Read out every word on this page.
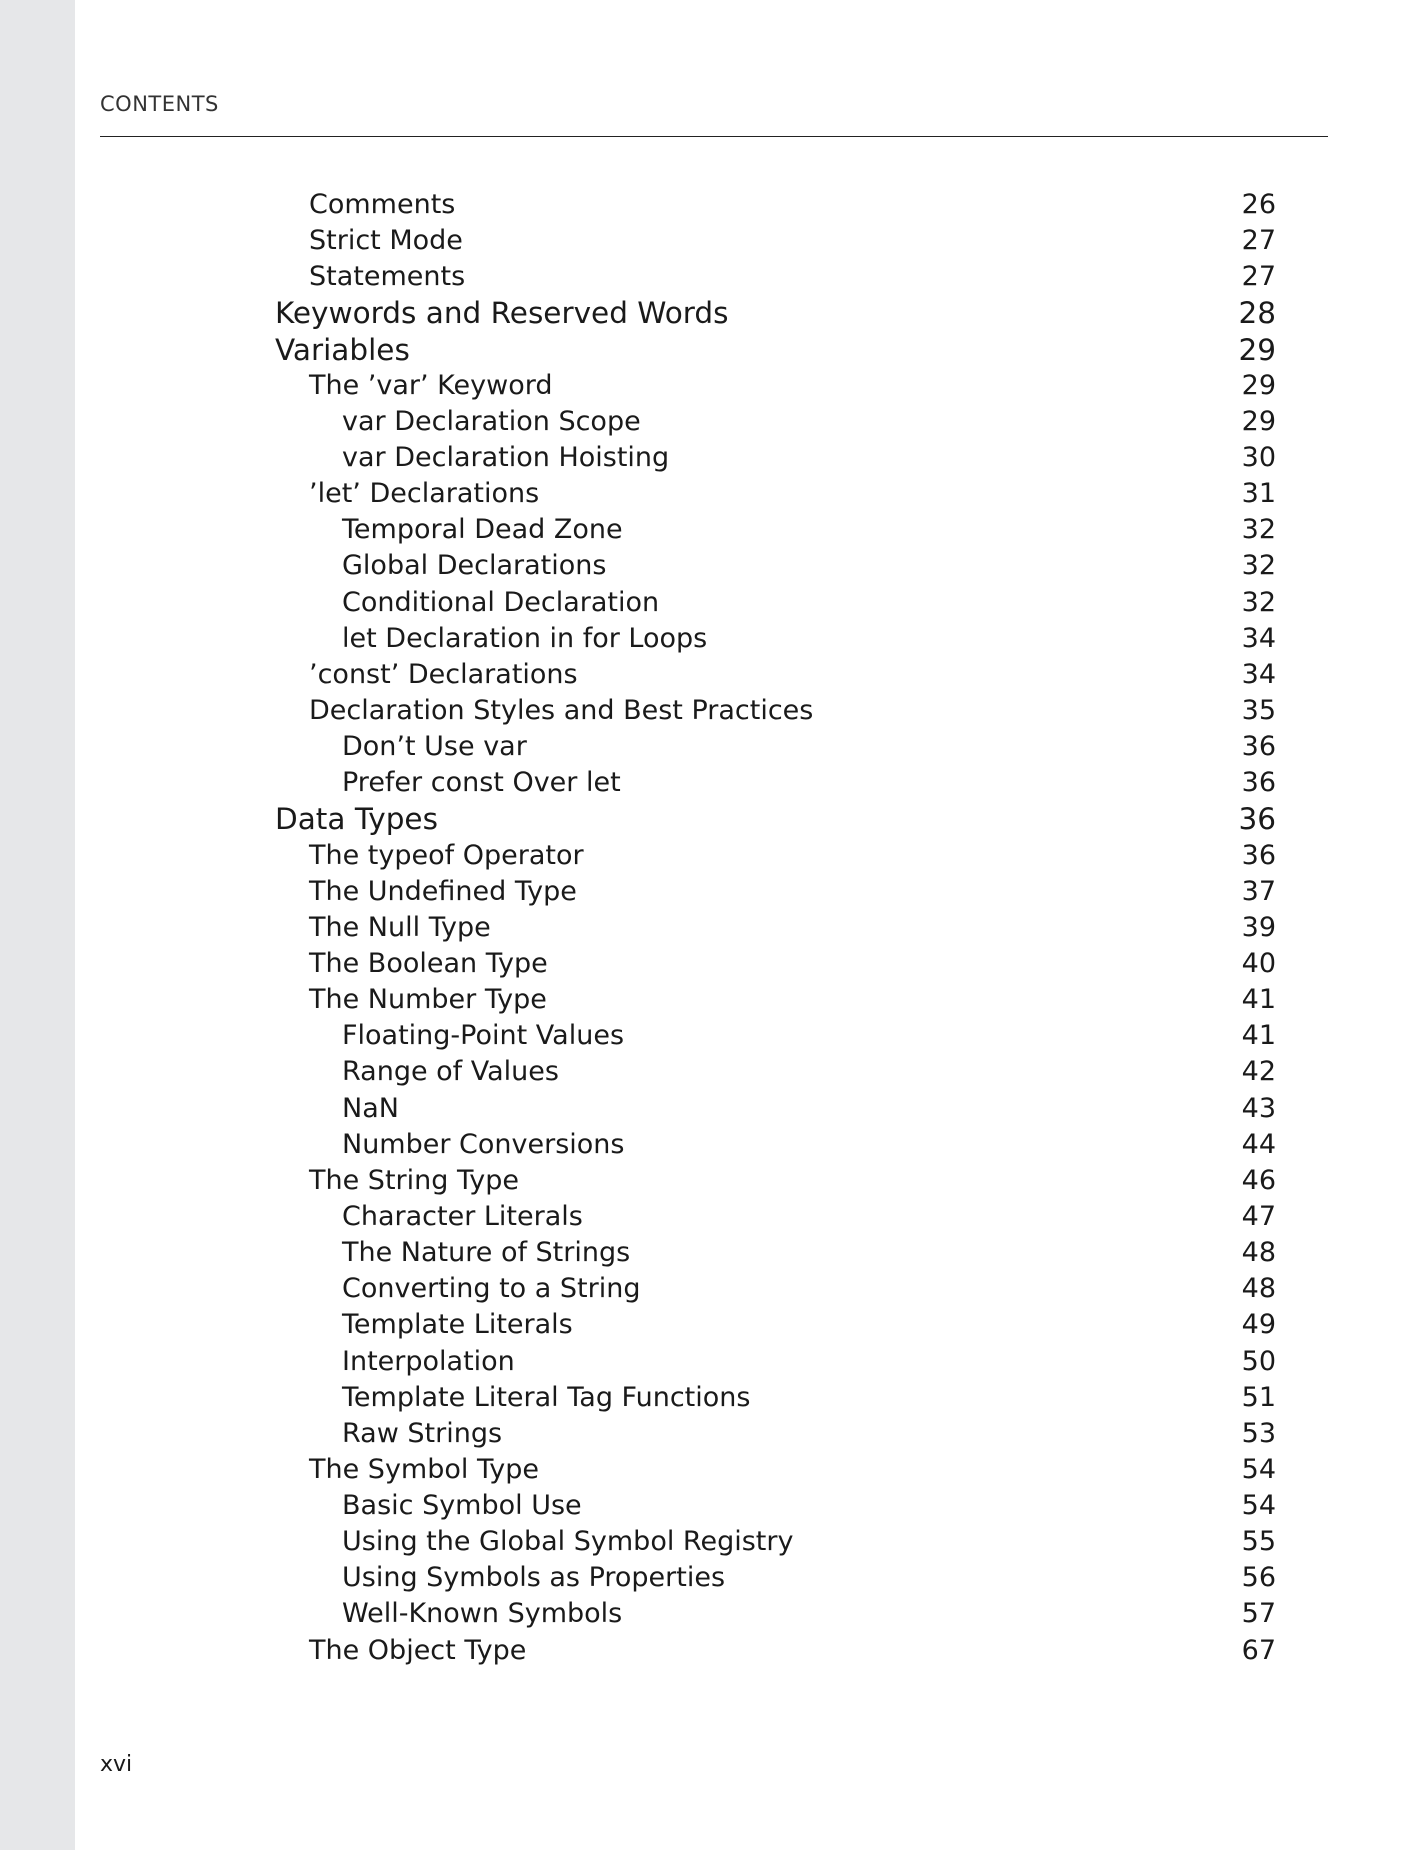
CONTENTS
Comments	26
Strict Mode	27
Statements	27
Keywords and Reserved Words	28
Variables	29
The ’var’ Keyword	29
var Declaration Scope	29
var Declaration Hoisting	30
’let’ Declarations	31
Temporal Dead Zone	32
Global Declarations	32
Conditional Declaration	32
let Declaration in for Loops	34
’const’ Declarations	34
Declaration Styles and Best Practices	35
Don’t Use var	36
Prefer const Over let	36
Data Types	36
The typeof Operator	36
The Undefined Type	37
The Null Type	39
The Boolean Type	40
The Number Type	41
Floating-Point Values	41
Range of Values	42
NaN	43
Number Conversions	44
The String Type	46
Character Literals	47
The Nature of Strings	48
Converting to a String	48
Template Literals	49
Interpolation	50
Template Literal Tag Functions	51
Raw Strings	53
The Symbol Type	54
Basic Symbol Use	54
Using the Global Symbol Registry	55
Using Symbols as Properties	56
Well-Known Symbols	57
The Object Type	67
xvi
